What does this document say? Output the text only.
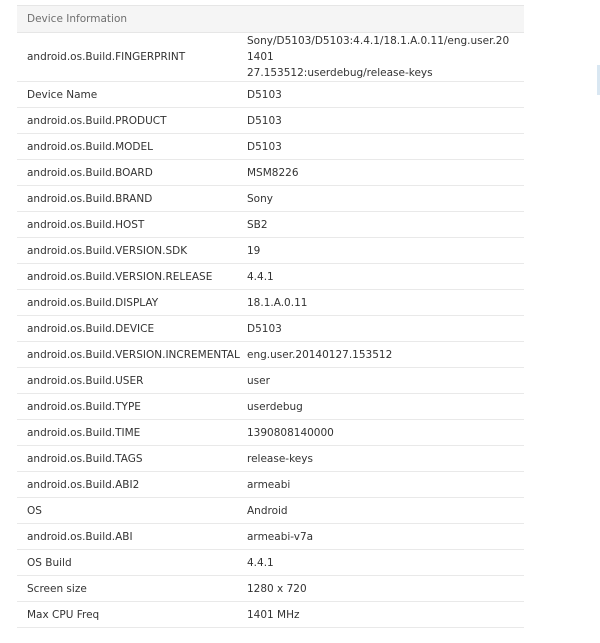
Device Information	
android.os.Build.FINGERPRINT	Sony/D5103/D5103:4.4.1/18.1.A.0.11/eng.user.201401
27.153512:userdebug/release-keys

Device Name	D5103
android.os.Build.PRODUCT	D5103
android.os.Build.MODEL	D5103
android.os.Build.BOARD	MSM8226
android.os.Build.BRAND	Sony
android.os.Build.HOST	SB2
android.os.Build.VERSION.SDK	19
android.os.Build.VERSION.RELEASE	4.4.1
android.os.Build.DISPLAY	18.1.A.0.11
android.os.Build.DEVICE	D5103
android.os.Build.VERSION.INCREMENTAL	eng.user.20140127.153512
android.os.Build.USER	user
android.os.Build.TYPE	userdebug
android.os.Build.TIME	1390808140000
android.os.Build.TAGS	release-keys
android.os.Build.ABI2	armeabi
OS	Android
android.os.Build.ABI	armeabi-v7a
OS Build	4.4.1
Screen size	1280 x 720
Max CPU Freq	1401 MHz
